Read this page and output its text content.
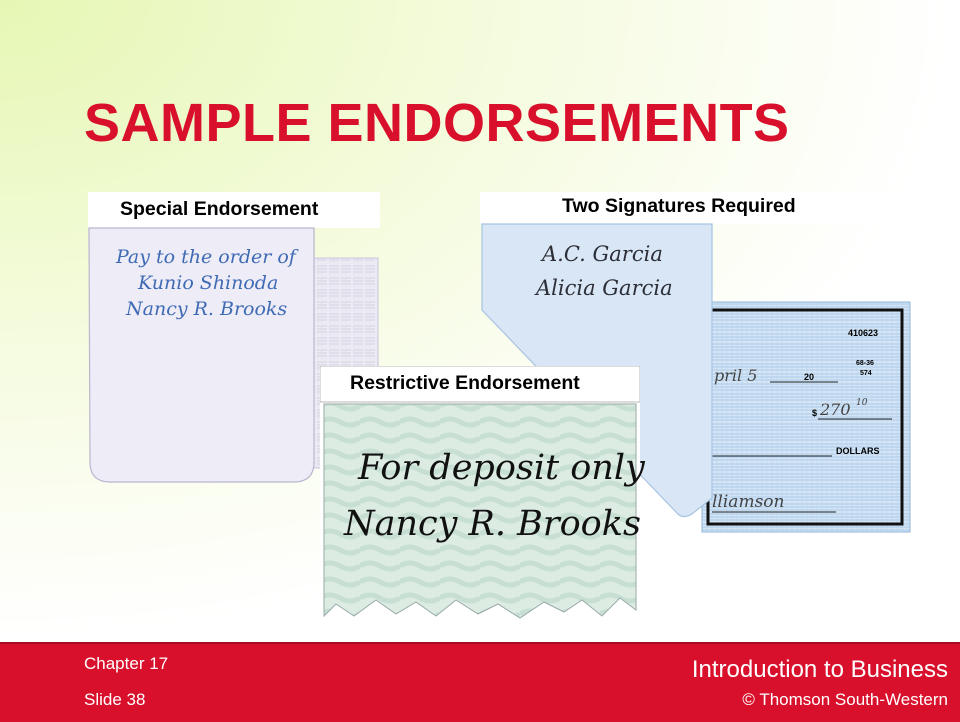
SAMPLE ENDORSEMENTS
Special Endorsement
Pay to the order of
Kunio Shinoda
Nancy R. Brooks
Two Signatures Required
A.C. Garcia
Alicia Garcia
410623
68-36
574
pril 5	20
$ 270 10
DOLLARS
lliamson
Restrictive Endorsement
For deposit only
Nancy R. Brooks
Chapter 17
Slide 38
Introduction to Business
© Thomson South-Western
